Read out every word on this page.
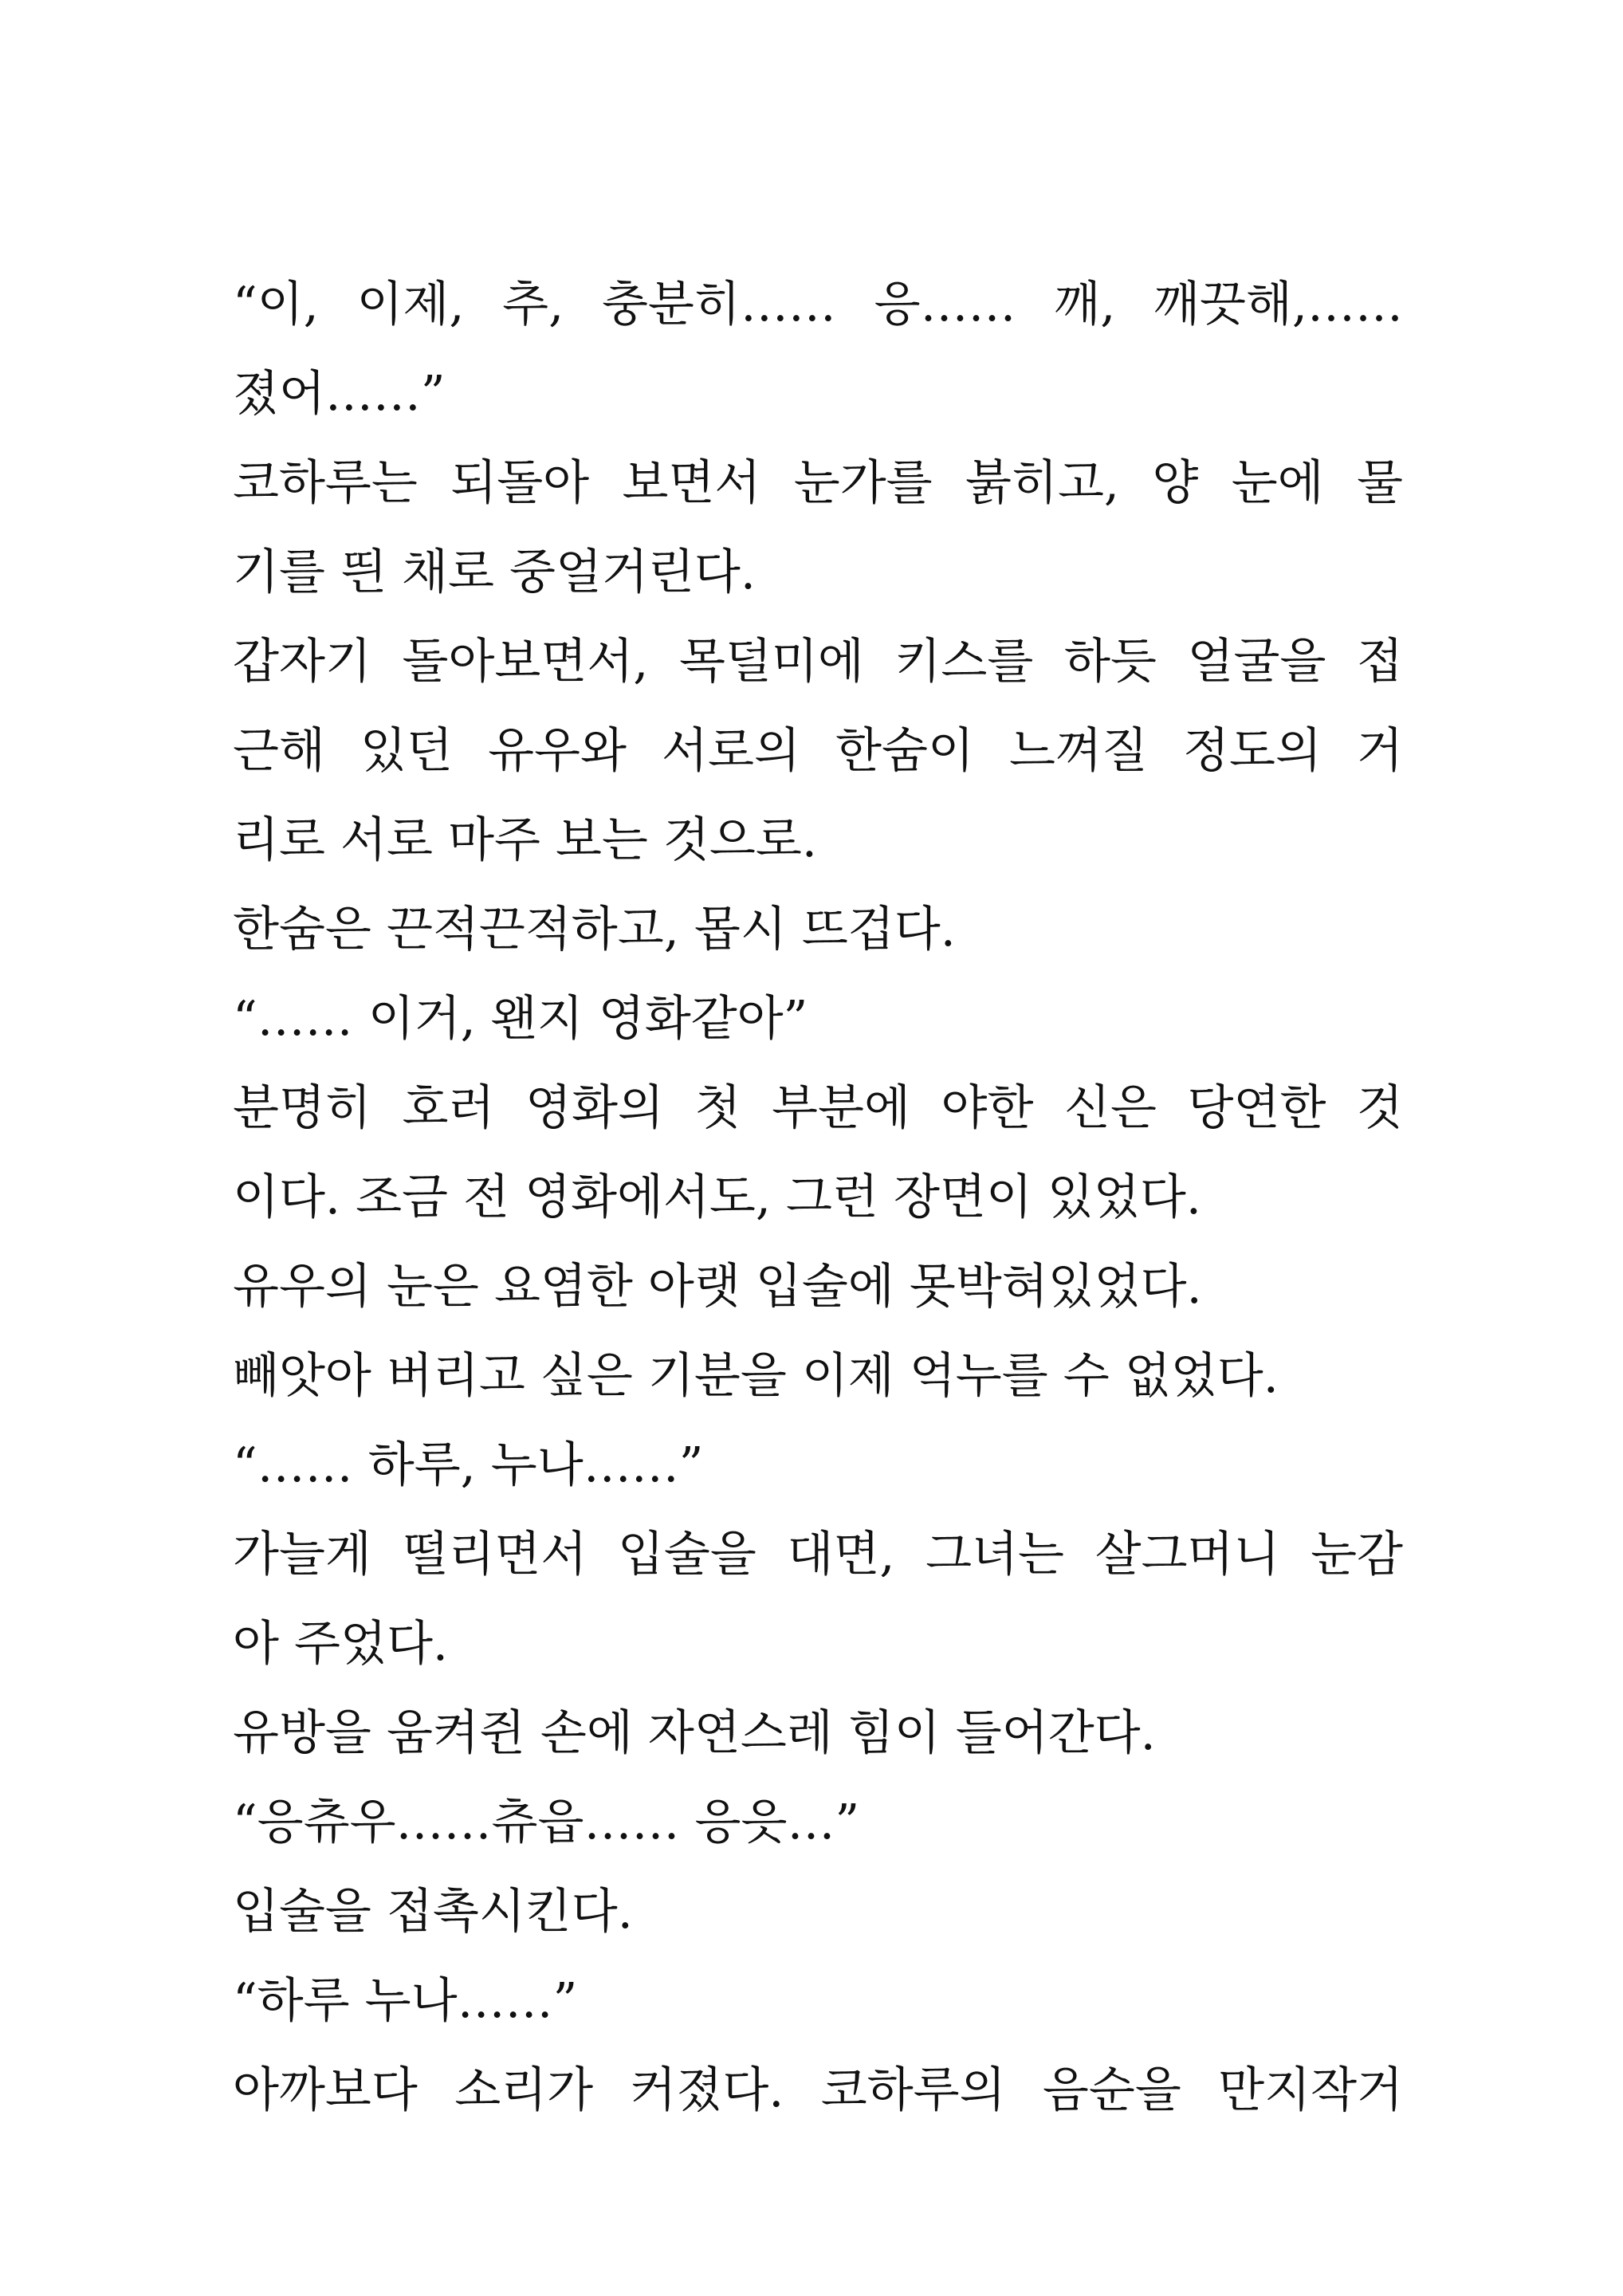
“이, 이제, 추, 충분히…… 응…… 깨, 깨끗해,……
졌어……”
코하루는 되돌아 보면서 눈가를 붉히고, 양 눈에 물
기를 띈 채로 중얼거린다.
갑자기 돌아보면서, 목덜미에 키스를 하듯 얼굴을 접
근해 있던 유우와 서로의 한숨이 느껴질 정도의 거
리로 서로 마주 보는 것으로.
한숨은 끈적끈적하고, 몹시 뜨겁다.
“…… 이거, 왠지 영화같아”
분명히 호러 영화의 첫 부분에 야한 신은 당연한 것
이다. 조금 전 영화에서도, 그런 장면이 있었다.
유우의 눈은 요염한 아랫 입술에 못박혀있었다.
빼앗아 버리고 싶은 기분을 이제 억누를 수 없었다.
“…… 하루, 누나……”
가늘게 떨리면서 입술을 대면, 그녀는 살그머니 눈감
아 주었다.
유방을 움켜쥔 손에 자연스레 힘이 들어간다.
“응츄우……츄읍…… 응읏…”
입술을 접촉시킨다.
“하루 누나……”
아까보다 소리가 커졌다. 코하루의 음순을 만지작거
